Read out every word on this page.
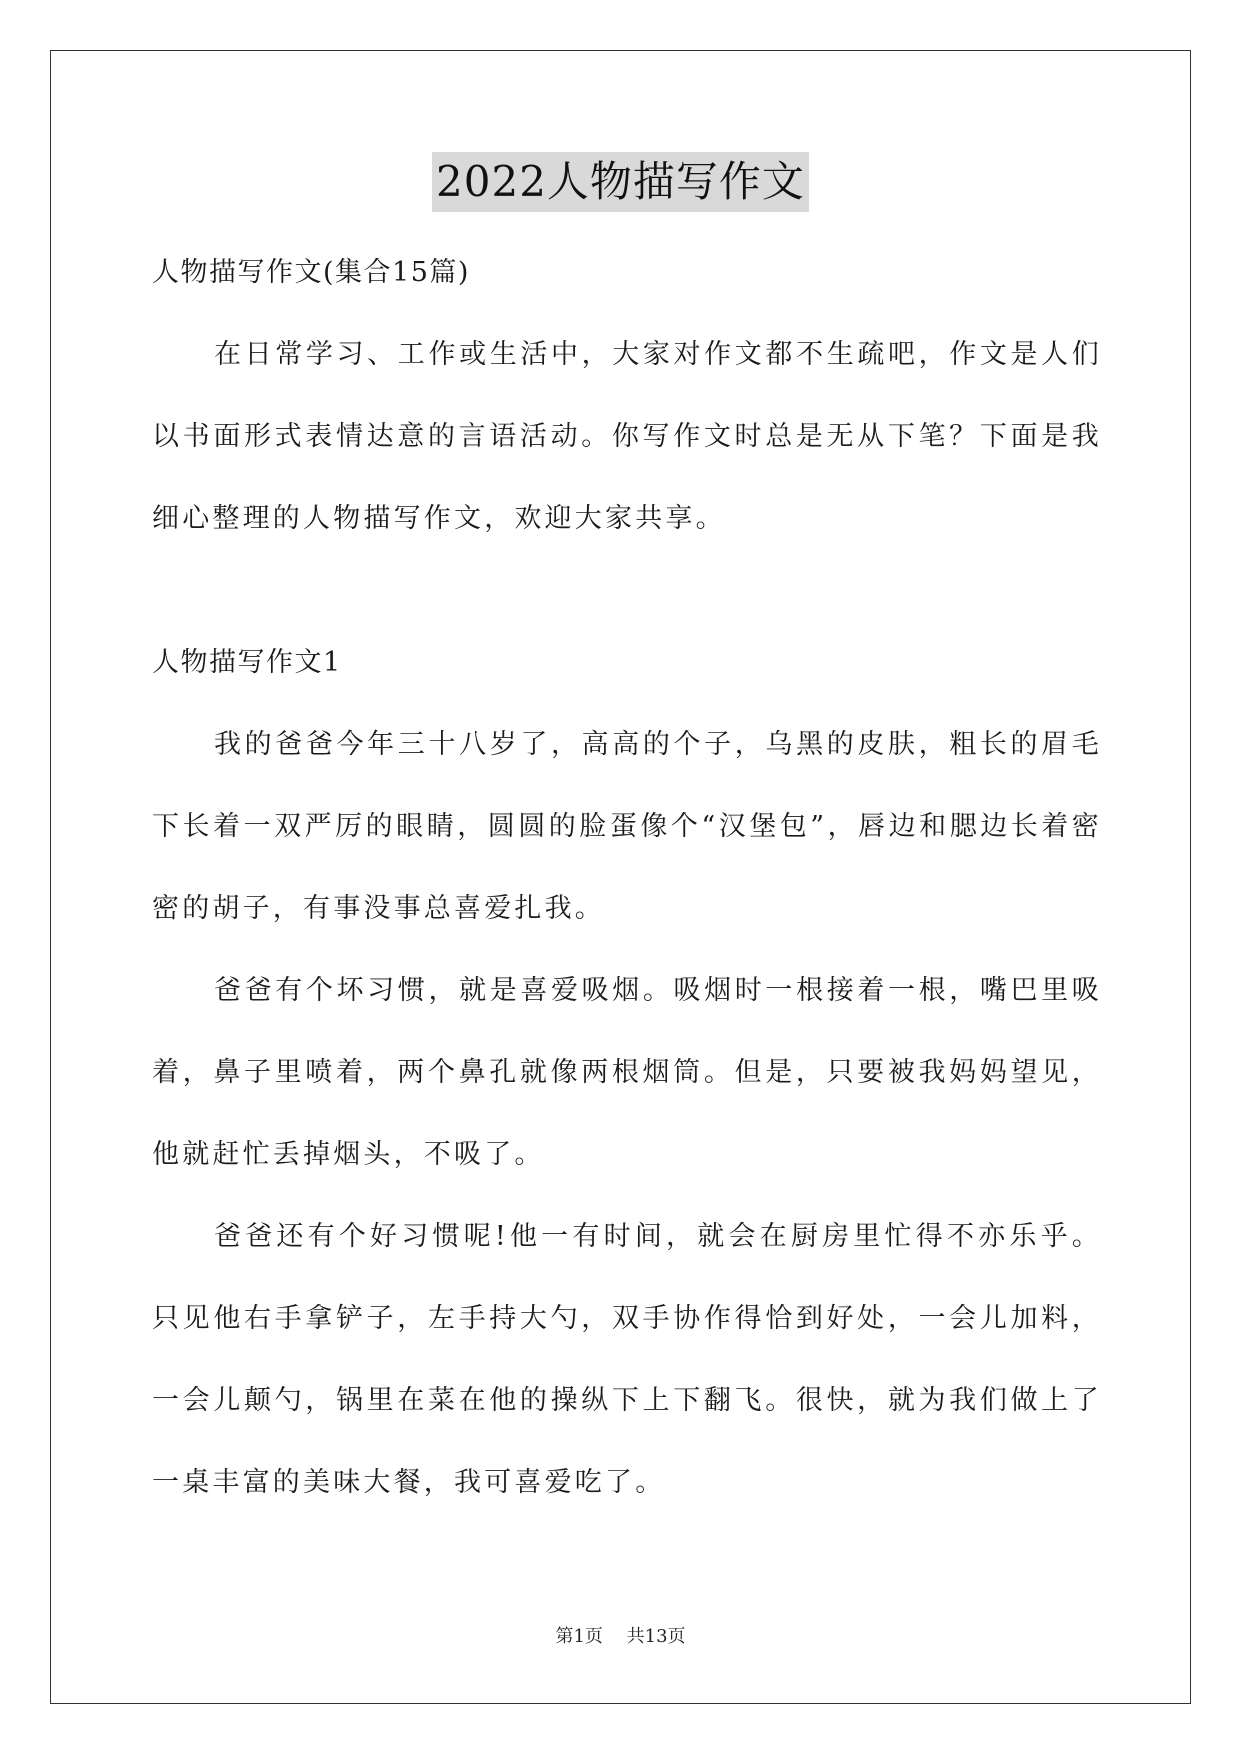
2022人物描写作文

人物描写作文(集合15篇)

在日常学习、工作或生活中，大家对作文都不生疏吧，作文是人们以书面形式表情达意的言语活动。你写作文时总是无从下笔？下面是我细心整理的人物描写作文，欢迎大家共享。

人物描写作文1

我的爸爸今年三十八岁了，高高的个子，乌黑的皮肤，粗长的眉毛下长着一双严厉的眼睛，圆圆的脸蛋像个“汉堡包”，唇边和腮边长着密密的胡子，有事没事总喜爱扎我。

爸爸有个坏习惯，就是喜爱吸烟。吸烟时一根接着一根，嘴巴里吸着，鼻子里喷着，两个鼻孔就像两根烟筒。但是，只要被我妈妈望见，他就赶忙丢掉烟头，不吸了。

爸爸还有个好习惯呢!他一有时间，就会在厨房里忙得不亦乐乎。只见他右手拿铲子，左手持大勺，双手协作得恰到好处，一会儿加料，一会儿颠勺，锅里在菜在他的操纵下上下翻飞。很快，就为我们做上了一桌丰富的美味大餐，我可喜爱吃了。

第1页 共13页
